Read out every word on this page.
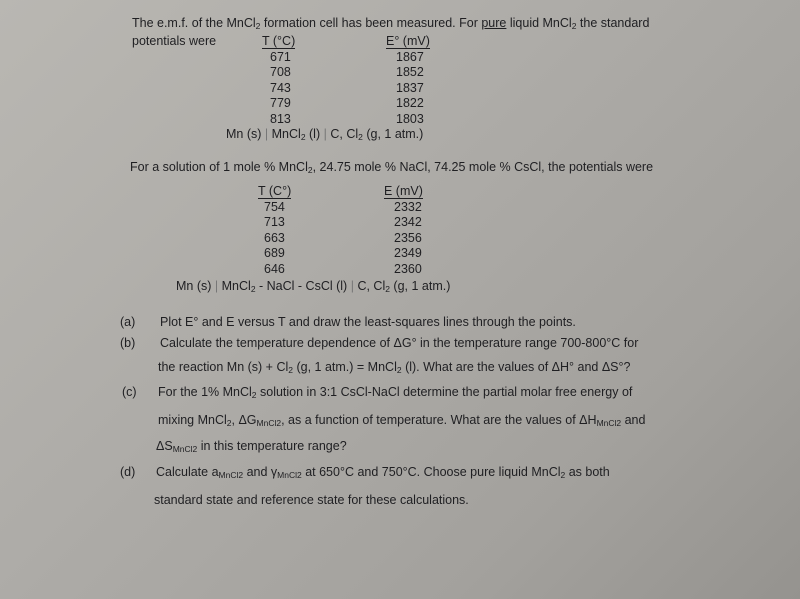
The e.m.f. of the MnCl$_2$ formation cell has been measured. For pure liquid MnCl$_2$ the standard
potentials were	T (°C)
671
708
743
779
813
E° (mV)
1867
1852
1837
1822
1803
Mn (s) | MnCl$_2$ (l) | C, $Cl_2$ (g, 1 atm.)
For a solution of 1 mole % MnCl$_2$, 24.75 mole % NaCl, 74.25 mole % CsCl, the potentials were
T (C°)
754
713
663
689
646
E (mV)
2332
2342
2356
2349
2360
Mn (s) | MnCl$_2$ - NaCl - CsCl (l) | C, $Cl_2$ (g, 1 atm.)
(a) Plot E° and E versus T and draw the least-squares lines through the points.
(b) Calculate the temperature dependence of ΔG° in the temperature range 700-800°C for
the reaction Mn $(s) + Cl_2$ (g, 1 atm.) = MnCl$_2$ (l). What are the values of ΔH° and ΔS°?
(c) For the 1% MnCl$_2$ solution in 3:1 CsCl-NaCl determine the partial molar free energy of
mixing MnCl$_2$, $\Delta G_{MnCl2}$, as a function of temperature. What are the values of $\Delta H_{MnCl2}$ and
$\Delta S_{MnCl2}$ in this temperature range?
(d) Calculate $a_{MnCl2}$ and $\gamma_{MnCl2}$ at 650°C and 750°C. Choose pure liquid MnCl$_2$ as both
standard state and reference state for these calculations.
